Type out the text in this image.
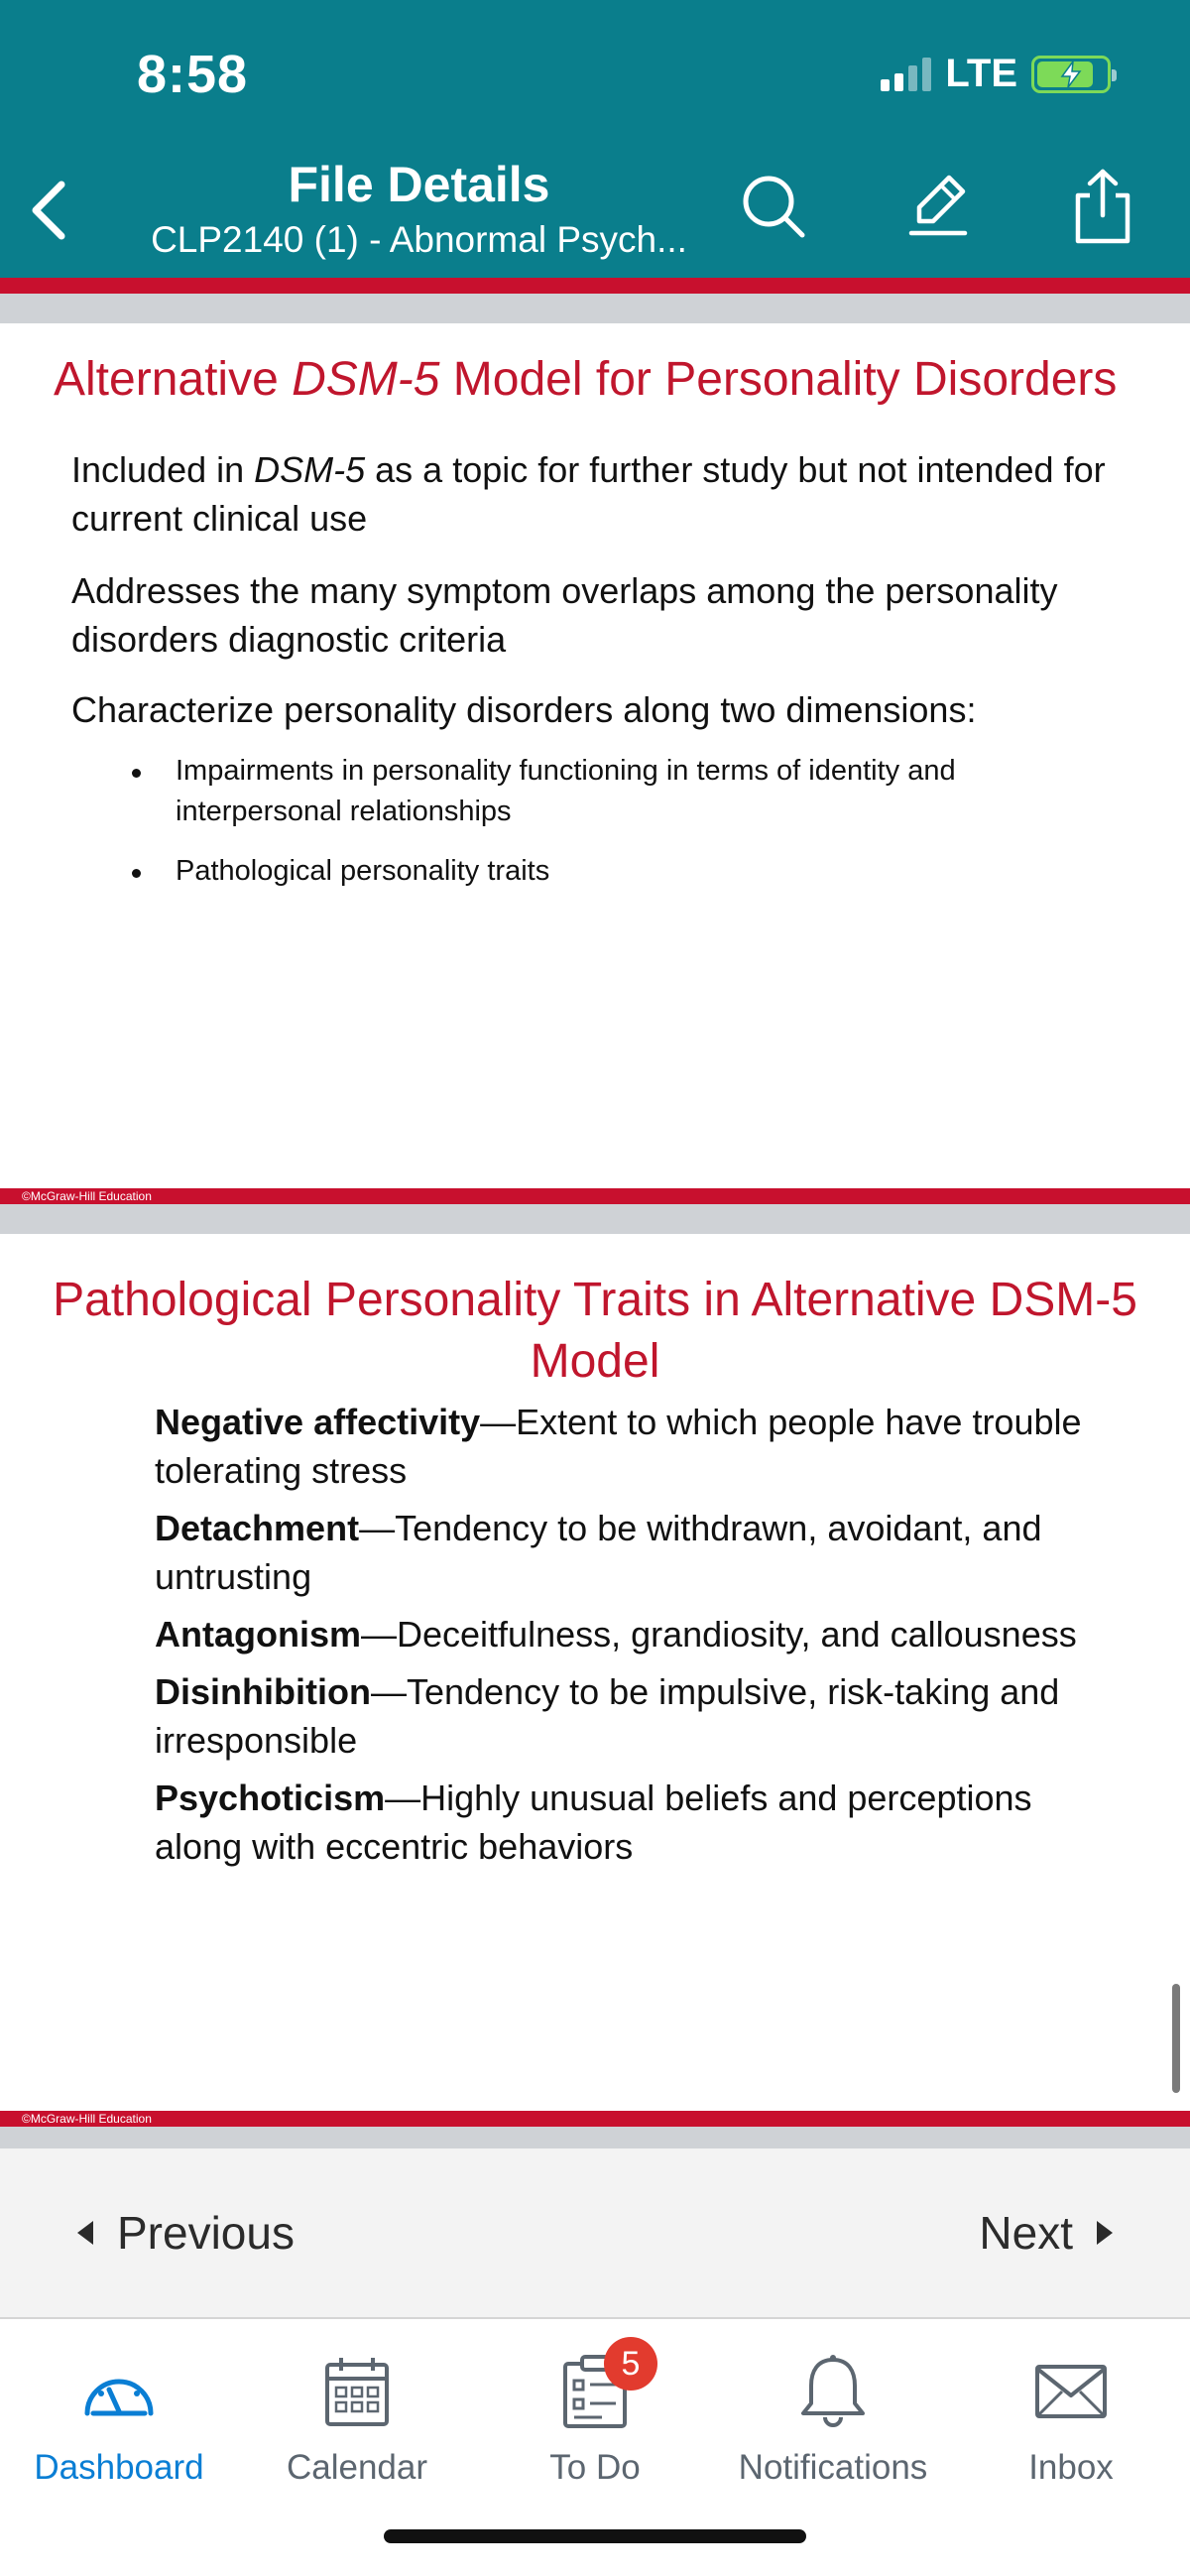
8:58	LTE
File Details
CLP2140 (1) - Abnormal Psych...
Alternative DSM-5 Model for Personality Disorders
Included in DSM-5 as a topic for further study but not intended for current clinical use
Addresses the many symptom overlaps among the personality disorders diagnostic criteria
Characterize personality disorders along two dimensions:
Impairments in personality functioning in terms of identity and interpersonal relationships
Pathological personality traits
©McGraw-Hill Education
Pathological Personality Traits in Alternative DSM-5 Model
Negative affectivity—Extent to which people have trouble tolerating stress
Detachment—Tendency to be withdrawn, avoidant, and untrusting
Antagonism—Deceitfulness, grandiosity, and callousness
Disinhibition—Tendency to be impulsive, risk-taking and irresponsible
Psychoticism—Highly unusual beliefs and perceptions along with eccentric behaviors
©McGraw-Hill Education
Previous	Next
Dashboard Calendar
5
To Do	Notifications	Inbox
